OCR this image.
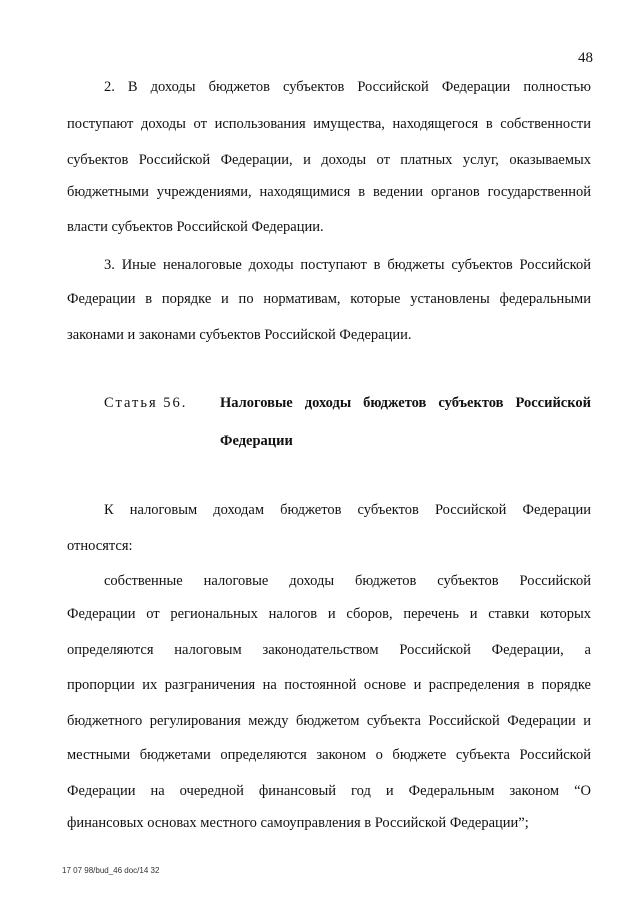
48
2. В доходы бюджетов субъектов Российской Федерации полностью
поступают доходы от использования имущества, находящегося в собственности
субъектов Российской Федерации, и доходы от платных услуг, оказываемых
бюджетными учреждениями, находящимися в ведении органов государственной
власти субъектов Российской Федерации.
3. Иные неналоговые доходы поступают в бюджеты субъектов Российской
Федерации в порядке и по нормативам, которые установлены федеральными
законами и законами субъектов Российской Федерации.
Статья 56. Налоговые доходы бюджетов субъектов Российской
Федерации
К налоговым доходам бюджетов субъектов Российской Федерации
относятся:
собственные налоговые доходы бюджетов субъектов Российской
Федерации от региональных налогов и сборов, перечень и ставки которых
определяются налоговым законодательством Российской Федерации, а
пропорции их разграничения на постоянной основе и распределения в порядке
бюджетного регулирования между бюджетом субъекта Российской Федерации и
местными бюджетами определяются законом о бюджете субъекта Российской
Федерации на очередной финансовый год и Федеральным законом “О
финансовых основах местного самоуправления в Российской Федерации”;
17 07 98/bud_46 doc/14 32
